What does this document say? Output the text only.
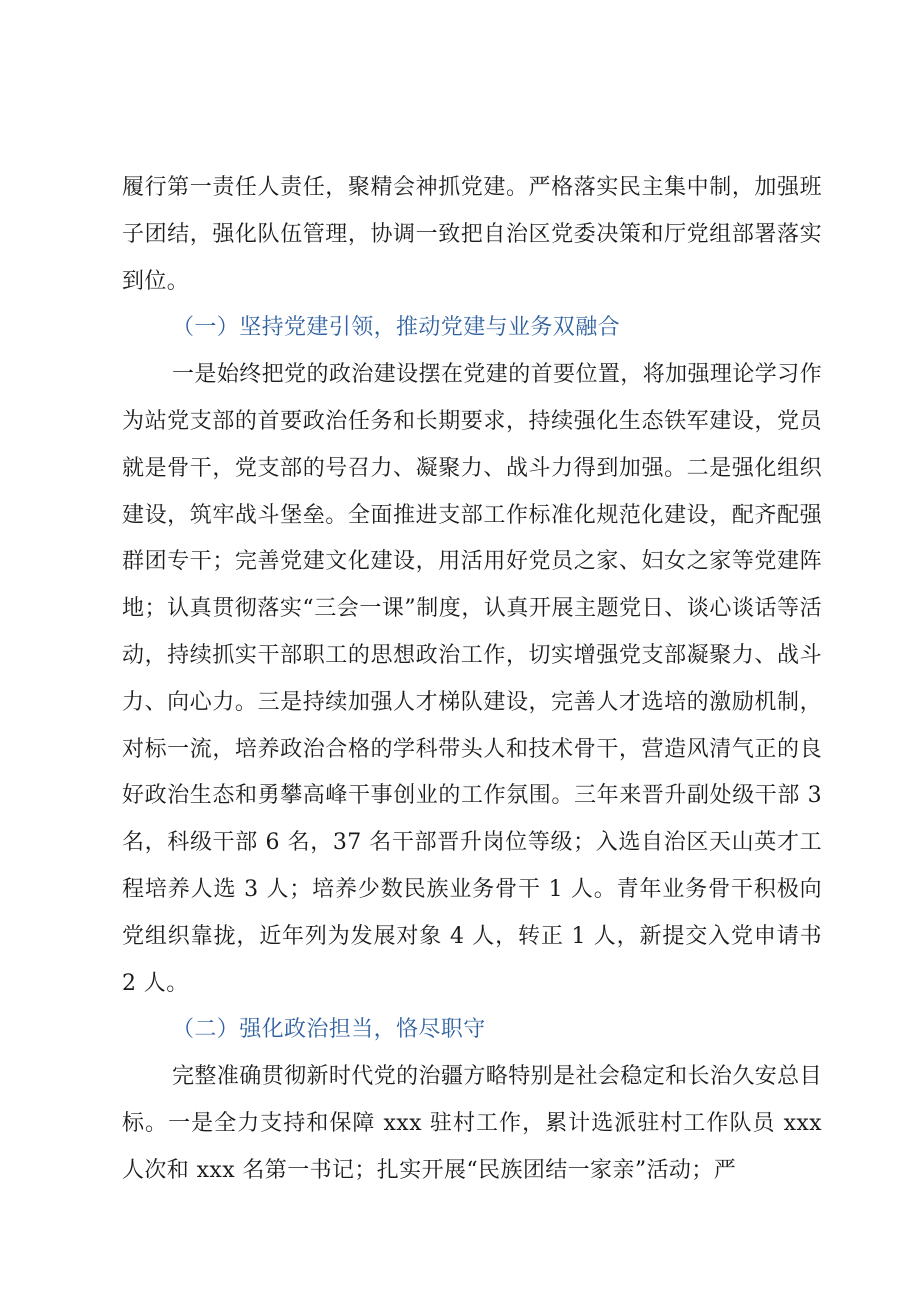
履行第一责任人责任，聚精会神抓党建。严格落实民主集中制，加强班子团结，强化队伍管理，协调一致把自治区党委决策和厅党组部署落实到位。

（一）坚持党建引领，推动党建与业务双融合

一是始终把党的政治建设摆在党建的首要位置，将加强理论学习作为站党支部的首要政治任务和长期要求，持续强化生态铁军建设，党员就是骨干，党支部的号召力、凝聚力、战斗力得到加强。二是强化组织建设，筑牢战斗堡垒。全面推进支部工作标准化规范化建设，配齐配强群团专干；完善党建文化建设，用活用好党员之家、妇女之家等党建阵地；认真贯彻落实“三会一课”制度，认真开展主题党日、谈心谈话等活动，持续抓实干部职工的思想政治工作，切实增强党支部凝聚力、战斗力、向心力。三是持续加强人才梯队建设，完善人才选培的激励机制，对标一流，培养政治合格的学科带头人和技术骨干，营造风清气正的良好政治生态和勇攀高峰干事创业的工作氛围。三年来晋升副处级干部 3 名，科级干部 6 名，37 名干部晋升岗位等级；入选自治区天山英才工程培养人选 3 人；培养少数民族业务骨干 1 人。青年业务骨干积极向党组织靠拢，近年列为发展对象 4 人，转正 1 人，新提交入党申请书 2 人。

（二）强化政治担当，恪尽职守

完整准确贯彻新时代党的治疆方略特别是社会稳定和长治久安总目标。一是全力支持和保障 xxx 驻村工作，累计选派驻村工作队员 xxx 人次和 xxx 名第一书记；扎实开展“民族团结一家亲”活动；严
